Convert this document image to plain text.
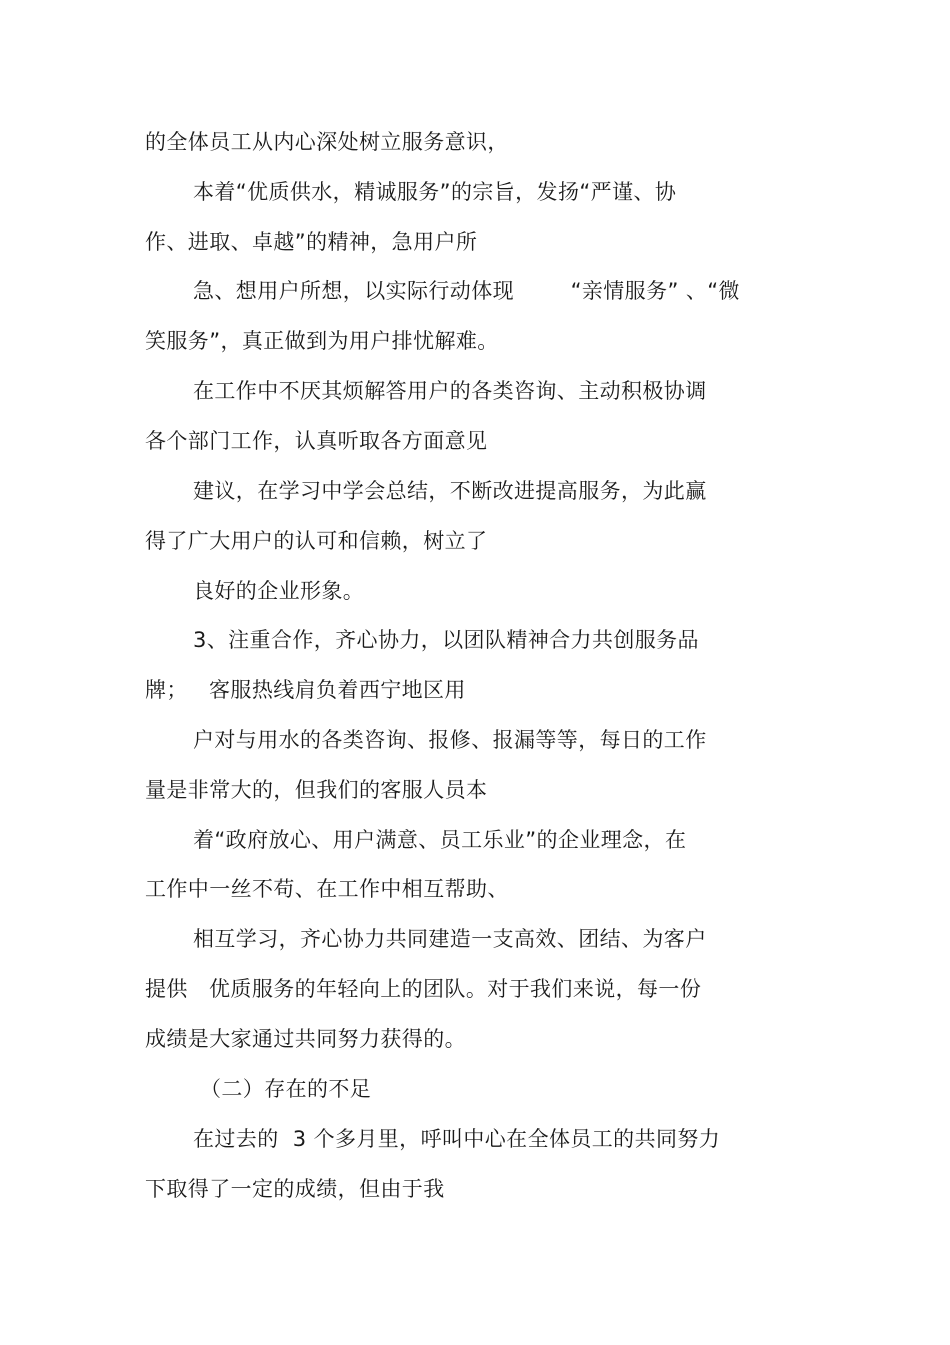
的全体员工从内心深处树立服务意识，
本着“优质供水，精诚服务”的宗旨，发扬“严谨、协
作、进取、卓越”的精神，急用户所
急、想用户所想，以实际行动体现        “亲情服务” 、“微
笑服务”，真正做到为用户排忧解难。
在工作中不厌其烦解答用户的各类咨询、主动积极协调
各个部门工作，认真听取各方面意见
建议，在学习中学会总结，不断改进提高服务，为此赢
得了广大用户的认可和信赖，树立了
良好的企业形象。
3、注重合作，齐心协力，以团队精神合力共创服务品
牌；   客服热线肩负着西宁地区用
户对与用水的各类咨询、报修、报漏等等，每日的工作
量是非常大的，但我们的客服人员本
着“政府放心、用户满意、员工乐业”的企业理念，在
工作中一丝不苟、在工作中相互帮助、
相互学习，齐心协力共同建造一支高效、团结、为客户
提供   优质服务的年轻向上的团队。对于我们来说，每一份
成绩是大家通过共同努力获得的。
（二）存在的不足
在过去的  3 个多月里，呼叫中心在全体员工的共同努力
下取得了一定的成绩，但由于我
